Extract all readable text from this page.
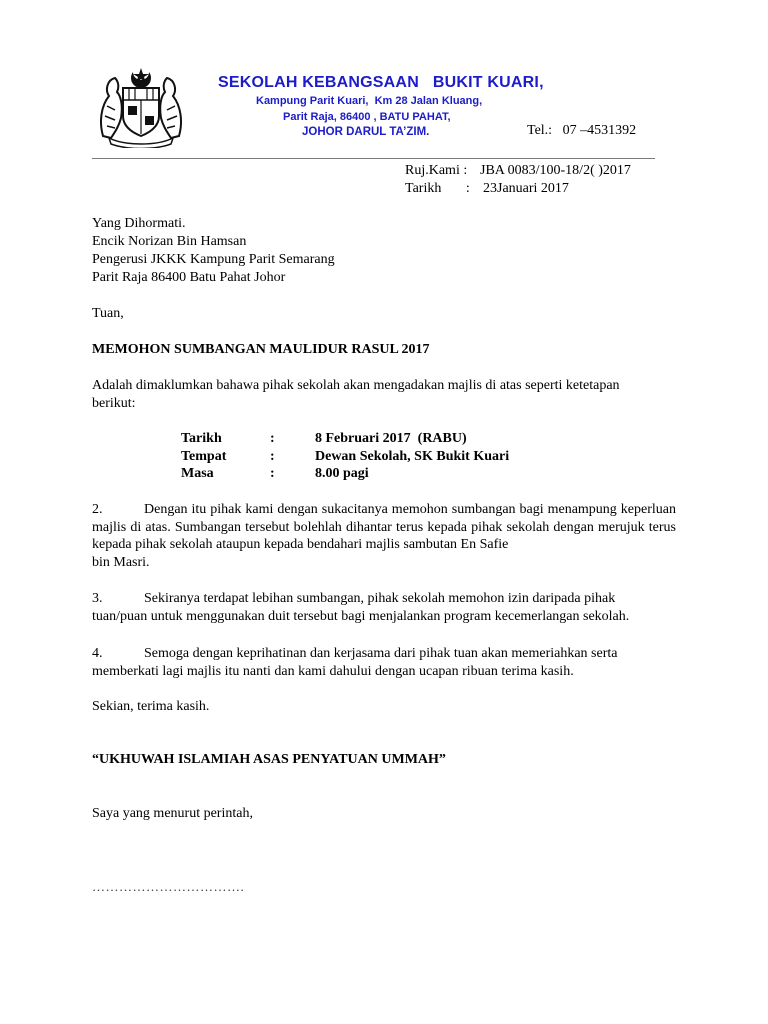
SEKOLAH KEBANGSAAN   BUKIT KUARI,
Kampung Parit Kuari,  Km 28 Jalan Kluang,
Parit Raja, 86400 , BATU PAHAT,
JOHOR DARUL TA’ZIM.	Tel.:   07 –4531392
Ruj.Kami : JBA 0083/100-18/2( )2017
Tarikh       : 23Januari 2017
Yang Dihormati.
Encik Norizan Bin Hamsan
Pengerusi JKKK Kampung Parit Semarang
Parit Raja 86400 Batu Pahat Johor
Tuan,
MEMOHON SUMBANGAN MAULIDUR RASUL 2017
Adalah dimaklumkan bahawa pihak sekolah akan mengadakan majlis di atas seperti ketetapan
berikut:
Tarikh	:	8 Februari 2017  (RABU)
Tempat	:	Dewan Sekolah, SK Bukit Kuari
Masa	:	8.00 pagi
2.	Dengan itu pihak kami dengan sukacitanya memohon sumbangan bagi menampung keperluan majlis di atas. Sumbangan tersebut bolehlah dihantar terus kepada pihak sekolah dengan merujuk terus kepada pihak sekolah ataupun kepada bendahari majlis sambutan En Safie
bin Masri.
3.	Sekiranya terdapat lebihan sumbangan, pihak sekolah memohon izin daripada pihak
tuan/puan untuk menggunakan duit tersebut bagi menjalankan program kecemerlangan sekolah.
4.	Semoga dengan keprihatinan dan kerjasama dari pihak tuan akan memeriahkan serta
memberkati lagi majlis itu nanti dan kami dahului dengan ucapan ribuan terima kasih.
Sekian, terima kasih.
“UKHUWAH ISLAMIAH ASAS PENYATUAN UMMAH”
Saya yang menurut perintah,
…………………………….
